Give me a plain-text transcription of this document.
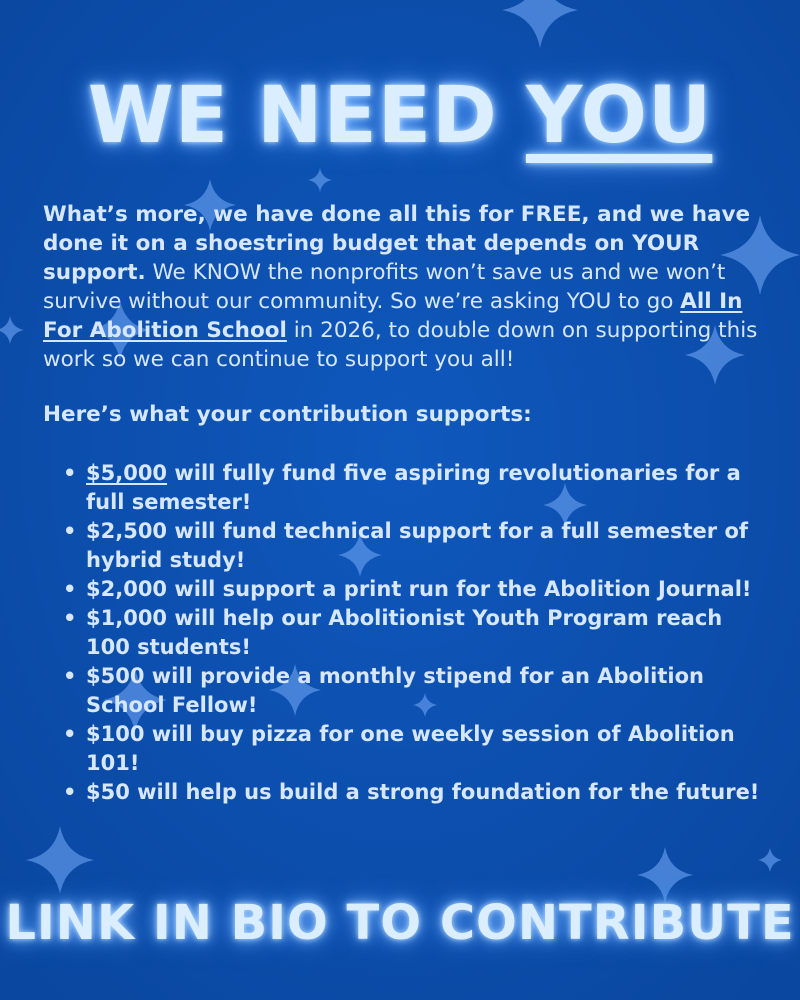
WE NEED YOU

What’s more, we have done all this for FREE, and we have done it on a shoestring budget that depends on YOUR support. We KNOW the nonprofits won’t save us and we won’t survive without our community. So we’re asking YOU to go All In For Abolition School in 2026, to double down on supporting this work so we can continue to support you all!

Here’s what your contribution supports:

• $5,000 will fully fund five aspiring revolutionaries for a full semester!
• $2,500 will fund technical support for a full semester of hybrid study!
• $2,000 will support a print run for the Abolition Journal!
• $1,000 will help our Abolitionist Youth Program reach 100 students!
• $500 will provide a monthly stipend for an Abolition School Fellow!
• $100 will buy pizza for one weekly session of Abolition 101!
• $50 will help us build a strong foundation for the future!
LINK IN BIO TO CONTRIBUTE
